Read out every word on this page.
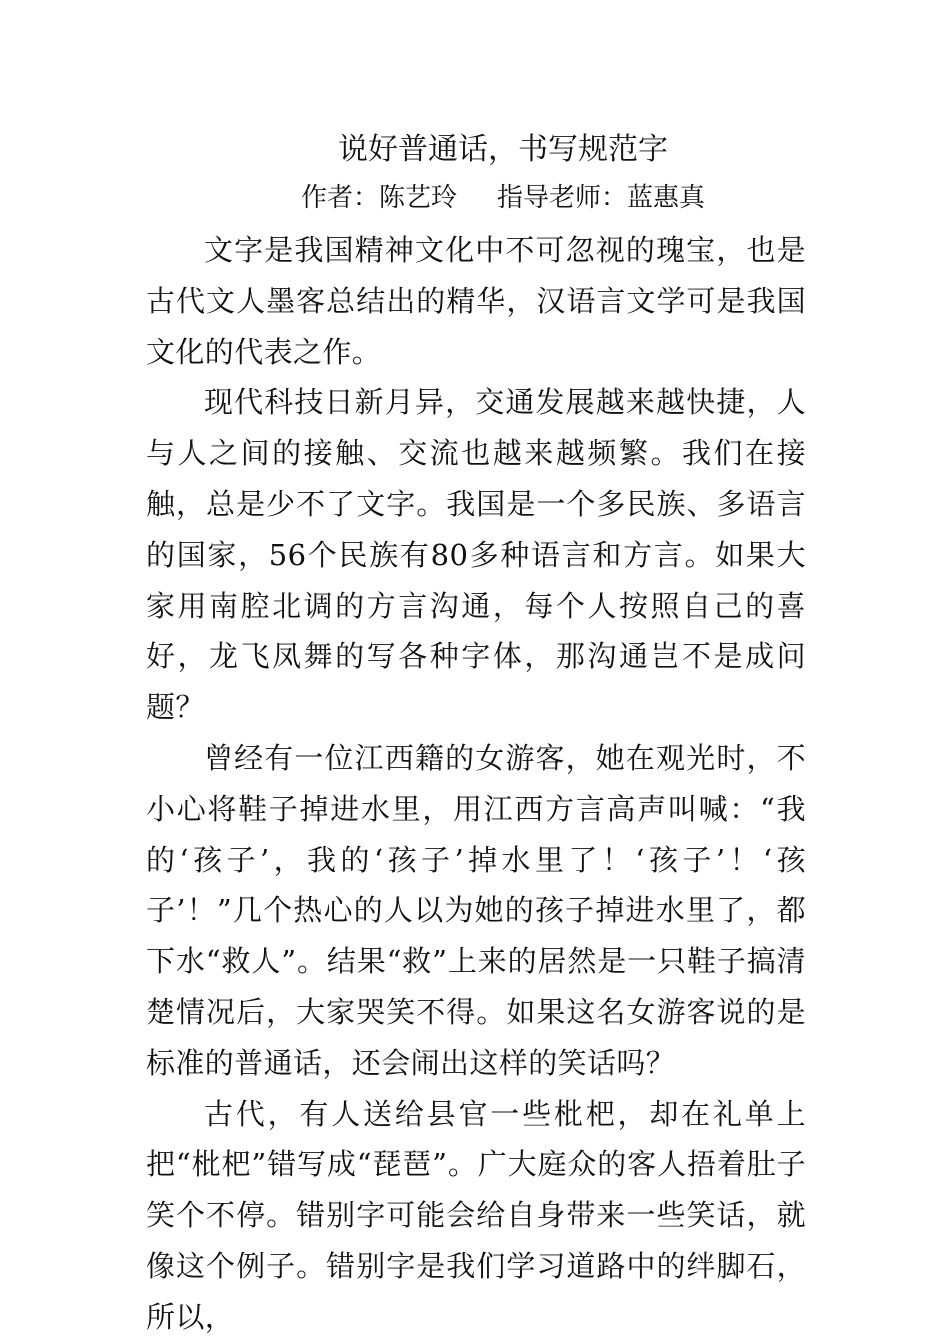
说好普通话，书写规范字
作者：陈艺玲 指导老师：蓝惠真

文字是我国精神文化中不可忽视的瑰宝，也是古代文人墨客总结出的精华，汉语言文学可是我国文化的代表之作。

现代科技日新月异，交通发展越来越快捷，人与人之间的接触、交流也越来越频繁。我们在接触，总是少不了文字。我国是一个多民族、多语言的国家，56个民族有80多种语言和方言。如果大家用南腔北调的方言沟通，每个人按照自己的喜好，龙飞凤舞的写各种字体，那沟通岂不是成问题？

曾经有一位江西籍的女游客，她在观光时，不小心将鞋子掉进水里，用江西方言高声叫喊：“我的‘孩子’，我的‘孩子’掉水里了！‘孩子’！‘孩子’！”几个热心的人以为她的孩子掉进水里了，都下水“救人”。结果“救”上来的居然是一只鞋子搞清楚情况后，大家哭笑不得。如果这名女游客说的是标准的普通话，还会闹出这样的笑话吗？

古代，有人送给县官一些枇杷，却在礼单上把“枇杷”错写成“琵琶”。广大庭众的客人捂着肚子笑个不停。错别字可能会给自身带来一些笑话，就像这个例子。错别字是我们学习道路中的绊脚石，所以，
